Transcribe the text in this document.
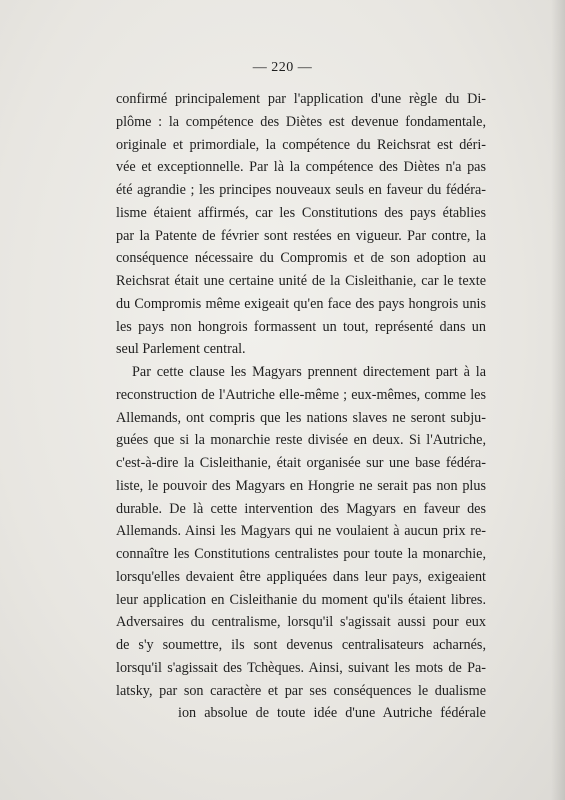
— 220 —
confirmé principalement par l'application d'une règle du Di-
plôme : la compétence des Diètes est devenue fondamentale,
originale et primordiale, la compétence du Reichsrat est déri-
vée et exceptionnelle. Par là la compétence des Diètes n'a pas
été agrandie ; les principes nouveaux seuls en faveur du fédéra-
lisme étaient affirmés, car les Constitutions des pays établies
par la Patente de février sont restées en vigueur. Par contre, la
conséquence nécessaire du Compromis et de son adoption au
Reichsrat était une certaine unité de la Cisleithanie, car le texte
du Compromis même exigeait qu'en face des pays hongrois unis
les pays non hongrois formassent un tout, représenté dans un
seul Parlement central.
Par cette clause les Magyars prennent directement part à la
reconstruction de l'Autriche elle-même ; eux-mêmes, comme les
Allemands, ont compris que les nations slaves ne seront subju-
guées que si la monarchie reste divisée en deux. Si l'Autriche,
c'est-à-dire la Cisleithanie, était organisée sur une base fédéra-
liste, le pouvoir des Magyars en Hongrie ne serait pas non plus
durable. De là cette intervention des Magyars en faveur des
Allemands. Ainsi les Magyars qui ne voulaient à aucun prix re-
connaître les Constitutions centralistes pour toute la monarchie,
lorsqu'elles devaient être appliquées dans leur pays, exigeaient
leur application en Cisleithanie du moment qu'ils étaient libres.
Adversaires du centralisme, lorsqu'il s'agissait aussi pour eux
de s'y soumettre, ils sont devenus centralisateurs acharnés,
lorsqu'il s'agissait des Tchèques. Ainsi, suivant les mots de Pa-
latsky, par son caractère et par ses conséquences le dualisme
ion absolue de toute idée d'une Autriche fédérale
